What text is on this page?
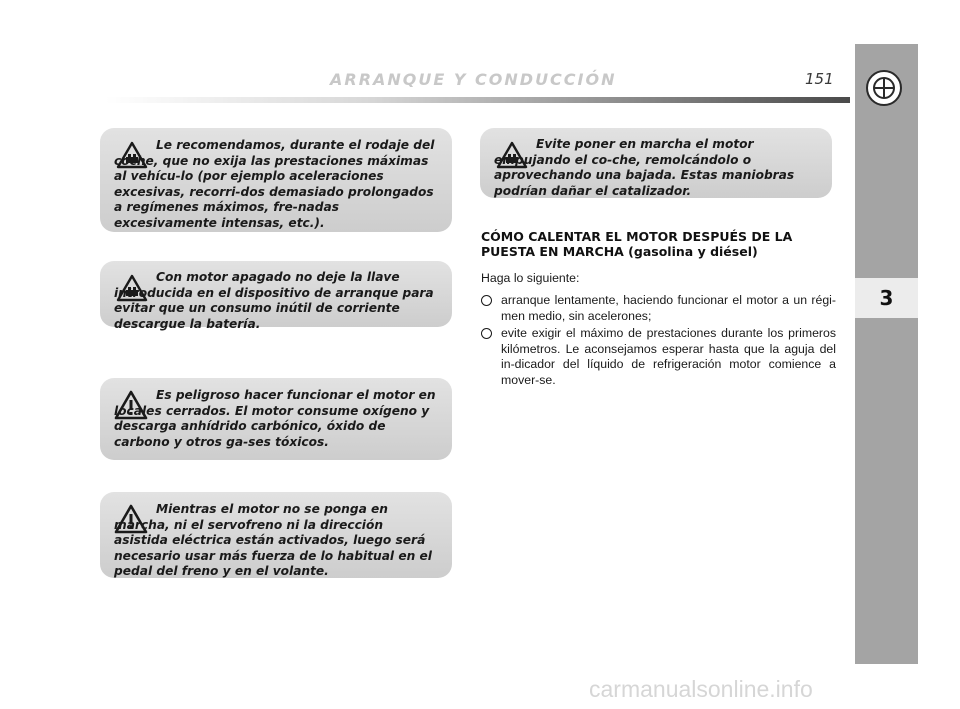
ARRANQUE Y CONDUCCIÓN	151
3
Le recomendamos, durante el rodaje del coche, que no exija las prestaciones máximas al vehícu-lo (por ejemplo aceleraciones excesivas, recorri-dos demasiado prolongados a regímenes máximos, fre-nadas excesivamente intensas, etc.).
Con motor apagado no deje la llave introducida en el dispositivo de arranque para evitar que un consumo inútil de corriente descargue la batería.
Es peligroso hacer funcionar el motor en locales cerrados. El motor consume oxígeno y descarga anhídrido carbónico, óxido de carbono y otros ga-ses tóxicos.
Mientras el motor no se ponga en marcha, ni el servofreno ni la dirección asistida eléctrica están activados, luego será necesario usar más fuerza de lo habitual en el pedal del freno y en el volante.
Evite poner en marcha el motor empujando el co-che, remolcándolo o aprovechando una bajada. Estas maniobras podrían dañar el catalizador.
CÓMO CALENTAR EL MOTOR DESPUÉS DE LA PUESTA EN MARCHA (gasolina y diésel)
Haga lo siguiente:
arranque lentamente, haciendo funcionar el motor a un régi-men medio, sin acelerones;
evite exigir el máximo de prestaciones durante los primeros kilómetros. Le aconsejamos esperar hasta que la aguja del in-dicador del líquido de refrigeración motor comience a mover-se.
carmanualsonline.info
